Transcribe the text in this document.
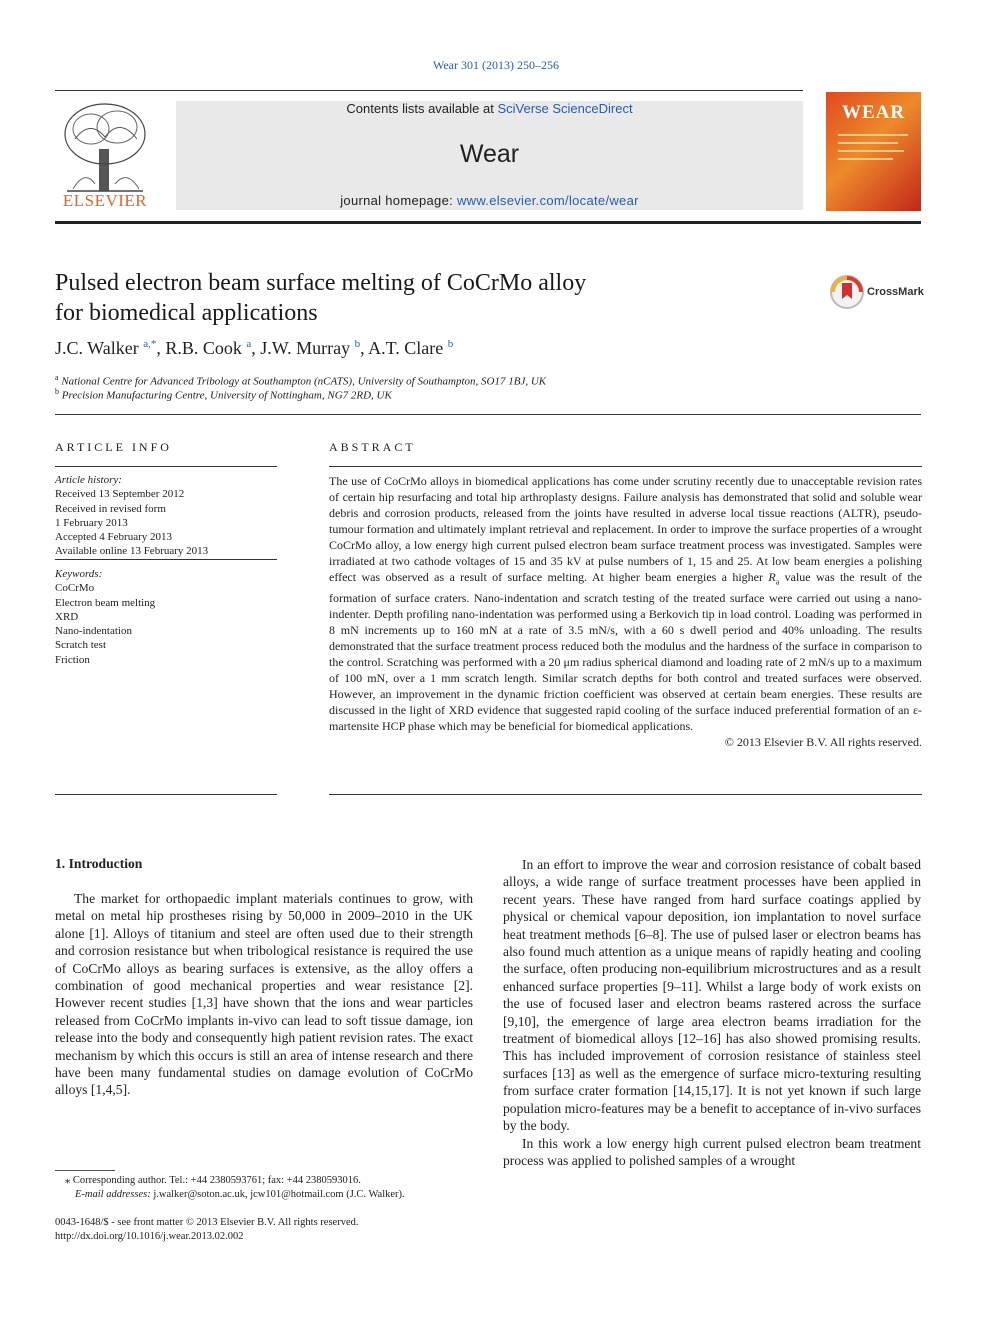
Wear 301 (2013) 250–256
ELSEVIER
Contents lists available at SciVerse ScienceDirect
Wear
journal homepage: www.elsevier.com/locate/wear
WEAR
Pulsed electron beam surface melting of CoCrMo alloy
for biomedical applications
CrossMark
J.C. Walker $^{a,*}$, R.B. Cook $^a$, J.W. Murray $^b$, A.T. Clare $^b$
$^a$ National Centre for Advanced Tribology at Southampton (nCATS), University of Southampton, SO17 1BJ, UK
$^b$ Precision Manufacturing Centre, University of Nottingham, NG7 2RD, UK
ARTICLE INFO
Article history:
Received 13 September 2012
Received in revised form
1 February 2013
Accepted 4 February 2013
Available online 13 February 2013
Keywords:
CoCrMo
Electron beam melting
XRD
Nano-indentation
Scratch test
Friction
ABSTRACT
The use of CoCrMo alloys in biomedical applications has come under scrutiny recently due to unacceptable revision rates of certain hip resurfacing and total hip arthroplasty designs. Failure analysis has demonstrated that solid and soluble wear debris and corrosion products, released from the joints have resulted in adverse local tissue reactions (ALTR), pseudo-tumour formation and ultimately implant retrieval and replacement. In order to improve the surface properties of a wrought CoCrMo alloy, a low energy high current pulsed electron beam surface treatment process was investigated. Samples were irradiated at two cathode voltages of 15 and 35 kV at pulse numbers of 1, 15 and 25. At low beam energies a polishing effect was observed as a result of surface melting. At higher beam energies a higher $R_a$ value was the result of the formation of surface craters. Nano-indentation and scratch testing of the treated surface were carried out using a nano-indenter. Depth profiling nano-indentation was performed using a Berkovich tip in load control. Loading was performed in 8 mN increments up to 160 mN at a rate of 3.5 mN/s, with a 60 s dwell period and 40% unloading. The results demonstrated that the surface treatment process reduced both the modulus and the hardness of the surface in comparison to the control. Scratching was performed with a 20 μm radius spherical diamond and loading rate of 2 mN/s up to a maximum of 100 mN, over a 1 mm scratch length. Similar scratch depths for both control and treated surfaces were observed. However, an improvement in the dynamic friction coefficient was observed at certain beam energies. These results are discussed in the light of XRD evidence that suggested rapid cooling of the surface induced preferential formation of an ε-martensite HCP phase which may be beneficial for biomedical applications.
© 2013 Elsevier B.V. All rights reserved.
1. Introduction

The market for orthopaedic implant materials continues to grow, with metal on metal hip prostheses rising by 50,000 in 2009–2010 in the UK alone [1]. Alloys of titanium and steel are often used due to their strength and corrosion resistance but when tribological resistance is required the use of CoCrMo alloys as bearing surfaces is extensive, as the alloy offers a combination of good mechanical properties and wear resistance [2]. However recent studies [1,3] have shown that the ions and wear particles released from CoCrMo implants in-vivo can lead to soft tissue damage, ion release into the body and consequently high patient revision rates. The exact mechanism by which this occurs is still an area of intense research and there have been many fundamental studies on damage evolution of CoCrMo alloys [1,4,5].

In an effort to improve the wear and corrosion resistance of cobalt based alloys, a wide range of surface treatment processes have been applied in recent years. These have ranged from hard surface coatings applied by physical or chemical vapour deposition, ion implantation to novel surface heat treatment methods [6–8]. The use of pulsed laser or electron beams has also found much attention as a unique means of rapidly heating and cooling the surface, often producing non-equilibrium microstructures and as a result enhanced surface properties [9–11]. Whilst a large body of work exists on the use of focused laser and electron beams rastered across the surface [9,10], the emergence of large area electron beams irradiation for the treatment of biomedical alloys [12–16] has also showed promising results. This has included improvement of corrosion resistance of stainless steel surfaces [13] as well as the emergence of surface micro-texturing resulting from surface crater formation [14,15,17]. It is not yet known if such large population micro-features may be a benefit to acceptance of in-vivo surfaces by the body.

In this work a low energy high current pulsed electron beam treatment process was applied to polished samples of a wrought

⁎ Corresponding author. Tel.: +44 2380593761; fax: +44 2380593016.
E-mail addresses: j.walker@soton.ac.uk, jcw101@hotmail.com (J.C. Walker).
0043-1648/$ - see front matter © 2013 Elsevier B.V. All rights reserved.
http://dx.doi.org/10.1016/j.wear.2013.02.002
